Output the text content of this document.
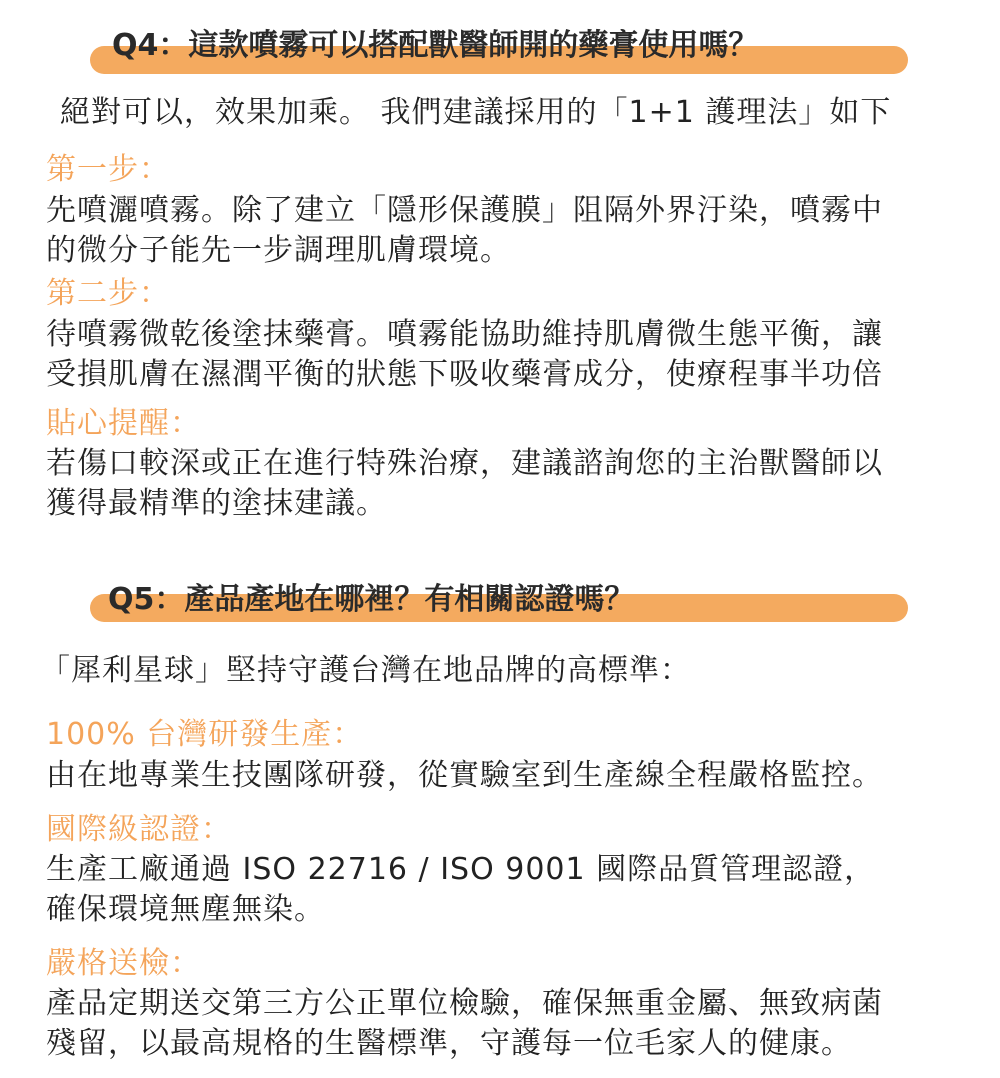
Q4：這款噴霧可以搭配獸醫師開的藥膏使用嗎？
絕對可以，效果加乘。 我們建議採用的「1+1 護理法」如下
第一步：
先噴灑噴霧。除了建立「隱形保護膜」阻隔外界汙染，噴霧中
的微分子能先一步調理肌膚環境。
第二步：
待噴霧微乾後塗抹藥膏。噴霧能協助維持肌膚微生態平衡，讓
受損肌膚在濕潤平衡的狀態下吸收藥膏成分，使療程事半功倍
貼心提醒：
若傷口較深或正在進行特殊治療，建議諮詢您的主治獸醫師以
獲得最精準的塗抹建議。
Q5：產品產地在哪裡？有相關認證嗎？
「犀利星球」堅持守護台灣在地品牌的高標準：
100% 台灣研發生產：
由在地專業生技團隊研發，從實驗室到生產線全程嚴格監控。
國際級認證：
生產工廠通過 ISO 22716 / ISO 9001 國際品質管理認證，
確保環境無塵無染。
嚴格送檢：
產品定期送交第三方公正單位檢驗，確保無重金屬、無致病菌
殘留，以最高規格的生醫標準，守護每一位毛家人的健康。
